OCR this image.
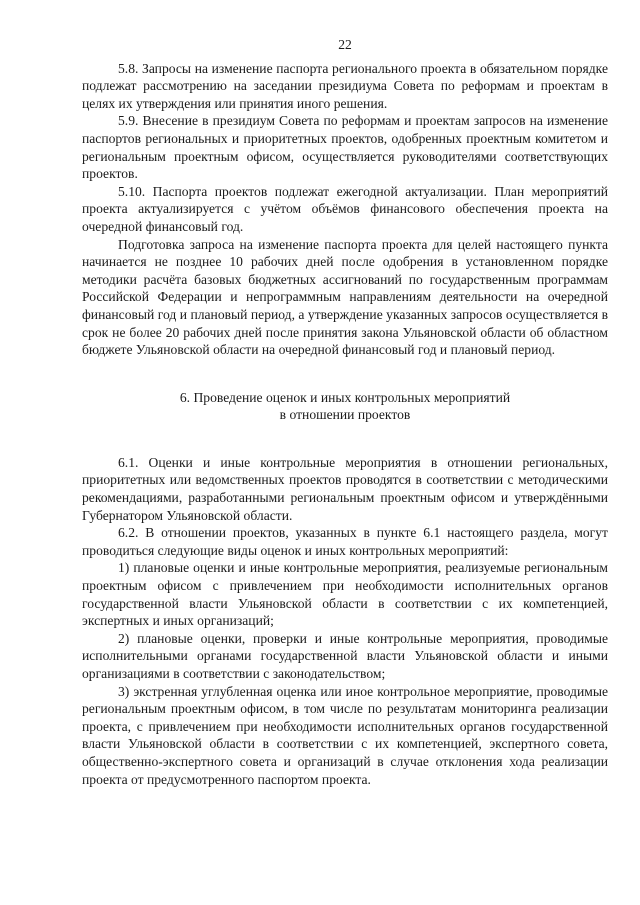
22

5.8. Запросы на изменение паспорта регионального проекта в обязательном порядке подлежат рассмотрению на заседании президиума Совета по реформам и проектам в целях их утверждения или принятия иного решения.

5.9. Внесение в президиум Совета по реформам и проектам запросов на изменение паспортов региональных и приоритетных проектов, одобренных проектным комитетом и региональным проектным офисом, осуществляется руководителями соответствующих проектов.

5.10. Паспорта проектов подлежат ежегодной актуализации. План мероприятий проекта актуализируется с учётом объёмов финансового обеспечения проекта на очередной финансовый год.

Подготовка запроса на изменение паспорта проекта для целей настоящего пункта начинается не позднее 10 рабочих дней после одобрения в установленном порядке методики расчёта базовых бюджетных ассигнований по государственным программам Российской Федерации и непрограммным направлениям деятельности на очередной финансовый год и плановый период, а утверждение указанных запросов осуществляется в срок не более 20 рабочих дней после принятия закона Ульяновской области об областном бюджете Ульяновской области на очередной финансовый год и плановый период.

6. Проведение оценок и иных контрольных мероприятий
в отношении проектов

6.1. Оценки и иные контрольные мероприятия в отношении региональных, приоритетных или ведомственных проектов проводятся в соответствии с методическими рекомендациями, разработанными региональным проектным офисом и утверждёнными Губернатором Ульяновской области.

6.2. В отношении проектов, указанных в пункте 6.1 настоящего раздела, могут проводиться следующие виды оценок и иных контрольных мероприятий:

1) плановые оценки и иные контрольные мероприятия, реализуемые региональным проектным офисом с привлечением при необходимости исполнительных органов государственной власти Ульяновской области в соответствии с их компетенцией, экспертных и иных организаций;

2) плановые оценки, проверки и иные контрольные мероприятия, проводимые исполнительными органами государственной власти Ульяновской области и иными организациями в соответствии с законодательством;

3) экстренная углубленная оценка или иное контрольное мероприятие, проводимые региональным проектным офисом, в том числе по результатам мониторинга реализации проекта, с привлечением при необходимости исполнительных органов государственной власти Ульяновской области в соответствии с их компетенцией, экспертного совета, общественно-экспертного совета и организаций в случае отклонения хода реализации проекта от предусмотренного паспортом проекта.
